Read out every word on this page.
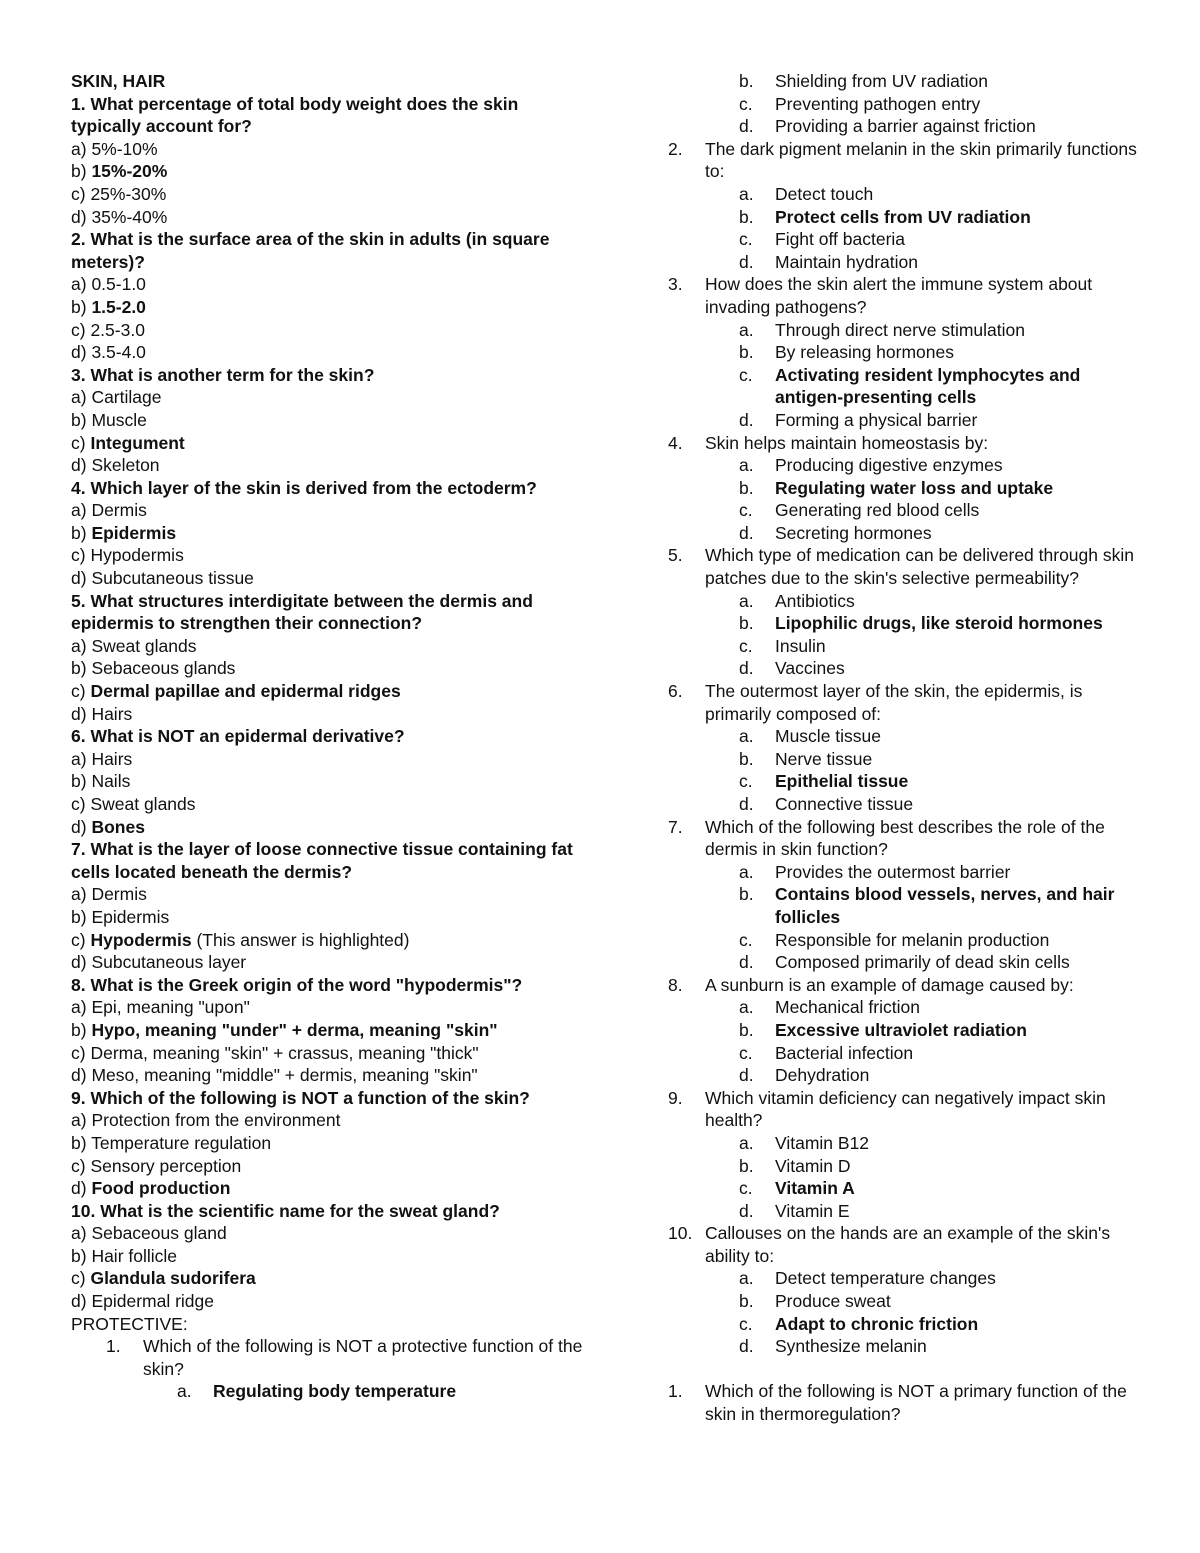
SKIN, HAIR
1. What percentage of total body weight does the skin typically account for?
a) 5%-10%
b) 15%-20%
c) 25%-30%
d) 35%-40%
2. What is the surface area of the skin in adults (in square meters)?
a) 0.5-1.0
b) 1.5-2.0
c) 2.5-3.0
d) 3.5-4.0
3. What is another term for the skin?
a) Cartilage
b) Muscle
c) Integument
d) Skeleton
4. Which layer of the skin is derived from the ectoderm?
a) Dermis
b) Epidermis
c) Hypodermis
d) Subcutaneous tissue
5. What structures interdigitate between the dermis and epidermis to strengthen their connection?
a) Sweat glands
b) Sebaceous glands
c) Dermal papillae and epidermal ridges
d) Hairs
6. What is NOT an epidermal derivative?
a) Hairs
b) Nails
c) Sweat glands
d) Bones
7. What is the layer of loose connective tissue containing fat cells located beneath the dermis?
a) Dermis
b) Epidermis
c) Hypodermis (This answer is highlighted)
d) Subcutaneous layer
8. What is the Greek origin of the word "hypodermis"?
a) Epi, meaning "upon"
b) Hypo, meaning "under" + derma, meaning "skin"
c) Derma, meaning "skin" + crassus, meaning "thick"
d) Meso, meaning "middle" + dermis, meaning "skin"
9. Which of the following is NOT a function of the skin?
a) Protection from the environment
b) Temperature regulation
c) Sensory perception
d) Food production
10. What is the scientific name for the sweat gland?
a) Sebaceous gland
b) Hair follicle
c) Glandula sudorifera
d) Epidermal ridge
PROTECTIVE:
1.	Which of the following is NOT a protective function of the skin?
a.	Regulating body temperature
b.	Shielding from UV radiation
c.	Preventing pathogen entry
d.	Providing a barrier against friction
2.	The dark pigment melanin in the skin primarily functions to:
a.	Detect touch
b.	Protect cells from UV radiation
c.	Fight off bacteria
d.	Maintain hydration
3.	How does the skin alert the immune system about invading pathogens?
a.	Through direct nerve stimulation
b.	By releasing hormones
c.	Activating resident lymphocytes and antigen-presenting cells
d.	Forming a physical barrier
4.	Skin helps maintain homeostasis by:
a.	Producing digestive enzymes
b.	Regulating water loss and uptake
c.	Generating red blood cells
d.	Secreting hormones
5.	Which type of medication can be delivered through skin patches due to the skin's selective permeability?
a.	Antibiotics
b.	Lipophilic drugs, like steroid hormones
c.	Insulin
d.	Vaccines
6.	The outermost layer of the skin, the epidermis, is primarily composed of:
a.	Muscle tissue
b.	Nerve tissue
c.	Epithelial tissue
d.	Connective tissue
7.	Which of the following best describes the role of the dermis in skin function?
a.	Provides the outermost barrier
b.	Contains blood vessels, nerves, and hair follicles
c.	Responsible for melanin production
d.	Composed primarily of dead skin cells
8.	A sunburn is an example of damage caused by:
a.	Mechanical friction
b.	Excessive ultraviolet radiation
c.	Bacterial infection
d.	Dehydration
9.	Which vitamin deficiency can negatively impact skin health?
a.	Vitamin B12
b.	Vitamin D
c.	Vitamin A
d.	Vitamin E
10. Callouses on the hands are an example of the skin's ability to:
a.	Detect temperature changes
b.	Produce sweat
c.	Adapt to chronic friction
d.	Synthesize melanin
1.	Which of the following is NOT a primary function of the skin in thermoregulation?
